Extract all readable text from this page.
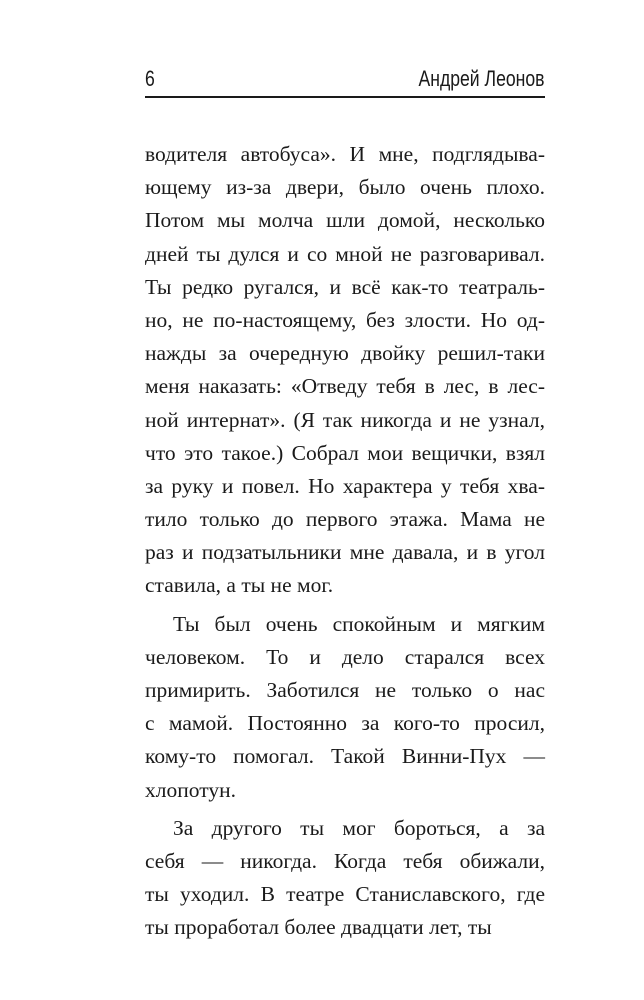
6	Андрей Леонов
водителя автобуса». И мне, подглядыва-
ющему из-за двери, было очень плохо.
Потом мы молча шли домой, несколько
дней ты дулся и со мной не разговаривал.
Ты редко ругался, и всё как-то театраль-
но, не по-настоящему, без злости. Но од-
нажды за очередную двойку решил-таки
меня наказать: «Отведу тебя в лес, в лес-
ной интернат». (Я так никогда и не узнал,
что это такое.) Собрал мои вещички, взял
за руку и повел. Но характера у тебя хва-
тило только до первого этажа. Мама не
раз и подзатыльники мне давала, и в угол
ставила, а ты не мог.
Ты был очень спокойным и мягким
человеком. То и дело старался всех
примирить. Заботился не только о нас
с мамой. Постоянно за кого-то просил,
кому-то помогал. Такой Винни-Пух —
хлопотун.
За другого ты мог бороться, а за
себя — никогда. Когда тебя обижали,
ты уходил. В театре Станиславского, где
ты проработал более двадцати лет, ты
